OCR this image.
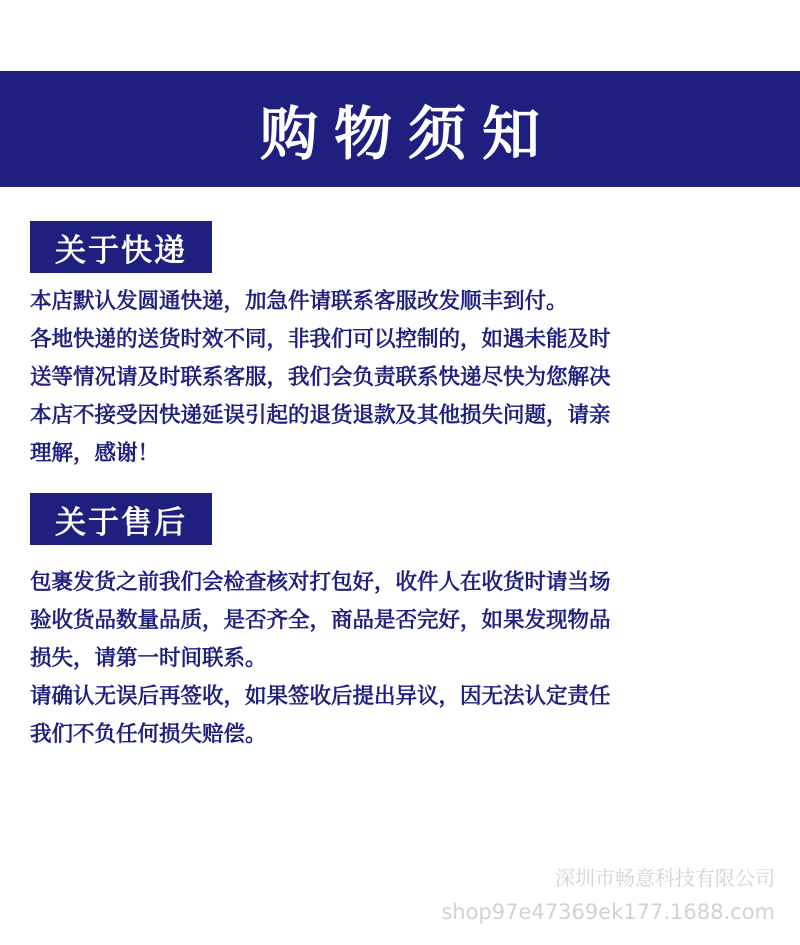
购物须知
关于快递
本店默认发圆通快递，加急件请联系客服改发顺丰到付。
各地快递的送货时效不同，非我们可以控制的，如遇未能及时
送等情况请及时联系客服，我们会负责联系快递尽快为您解决
本店不接受因快递延误引起的退货退款及其他损失问题，请亲
理解，感谢！
关于售后
包裹发货之前我们会检查核对打包好，收件人在收货时请当场
验收货品数量品质，是否齐全，商品是否完好，如果发现物品
损失，请第一时间联系。
请确认无误后再签收，如果签收后提出异议，因无法认定责任
我们不负任何损失赔偿。
深圳市畅意科技有限公司
shop97e47369ek177.1688.com
